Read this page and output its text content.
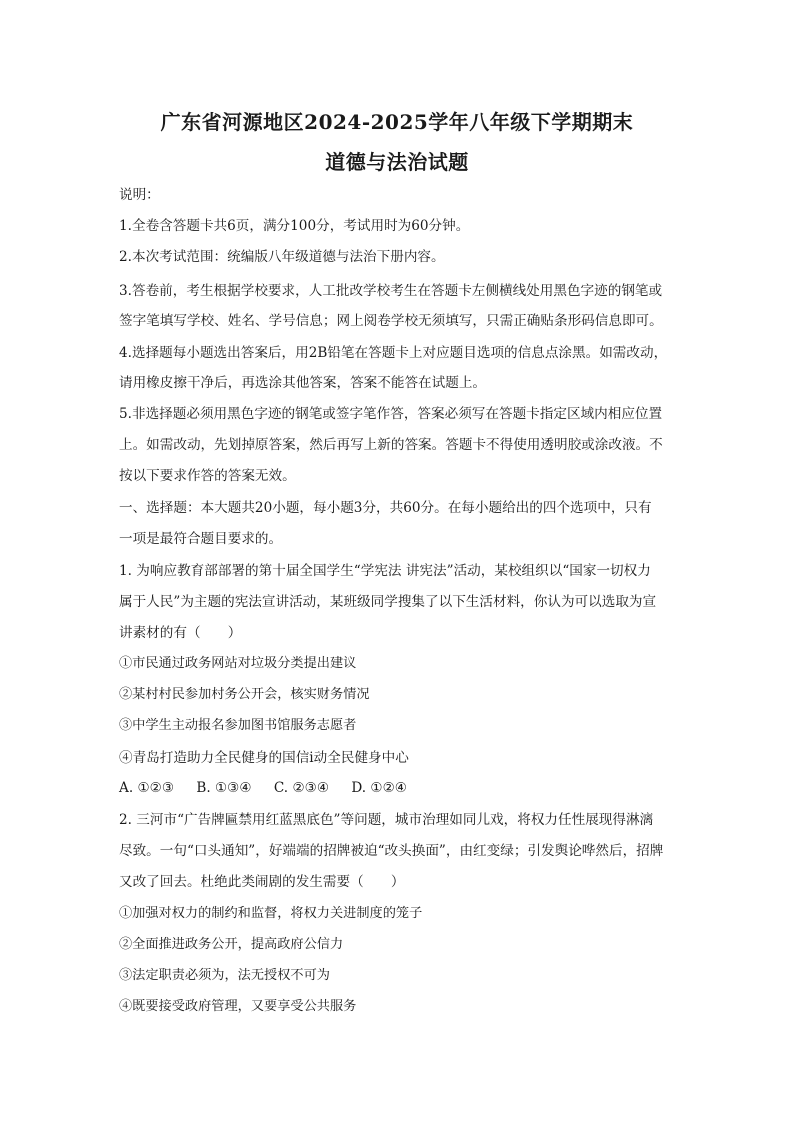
广东省河源地区2024-2025学年八年级下学期期末
道德与法治试题
说明：
1.全卷含答题卡共6页，满分100分，考试用时为60分钟。
2.本次考试范围：统编版八年级道德与法治下册内容。
3.答卷前，考生根据学校要求，人工批改学校考生在答题卡左侧横线处用黑色字迹的钢笔或
签字笔填写学校、姓名、学号信息；网上阅卷学校无须填写，只需正确贴条形码信息即可。
4.选择题每小题选出答案后，用2B铅笔在答题卡上对应题目选项的信息点涂黑。如需改动，
请用橡皮擦干净后，再选涂其他答案，答案不能答在试题上。
5.非选择题必须用黑色字迹的钢笔或签字笔作答，答案必须写在答题卡指定区域内相应位置
上。如需改动，先划掉原答案，然后再写上新的答案。答题卡不得使用透明胶或涂改液。不
按以下要求作答的答案无效。
一、选择题：本大题共20小题，每小题3分，共60分。在每小题给出的四个选项中，只有
一项是最符合题目要求的。
1. 为响应教育部部署的第十届全国学生“学宪法 讲宪法”活动，某校组织以“国家一切权力
属于人民”为主题的宪法宣讲活动，某班级同学搜集了以下生活材料，你认为可以选取为宣
讲素材的有（　　）
①市民通过政务网站对垃圾分类提出建议
②某村村民参加村务公开会，核实财务情况
③中学生主动报名参加图书馆服务志愿者
④青岛打造助力全民健身的国信ⅰ动全民健身中心
A. ①②③ B. ①③④ C. ②③④ D. ①②④
2. 三河市“广告牌匾禁用红蓝黑底色”等问题，城市治理如同儿戏，将权力任性展现得淋漓
尽致。一句“口头通知”，好端端的招牌被迫“改头换面”，由红变绿；引发舆论哗然后，招牌
又改了回去。杜绝此类闹剧的发生需要（　　）
①加强对权力的制约和监督，将权力关进制度的笼子
②全面推进政务公开，提高政府公信力
③法定职责必须为，法无授权不可为
④既要接受政府管理，又要享受公共服务
